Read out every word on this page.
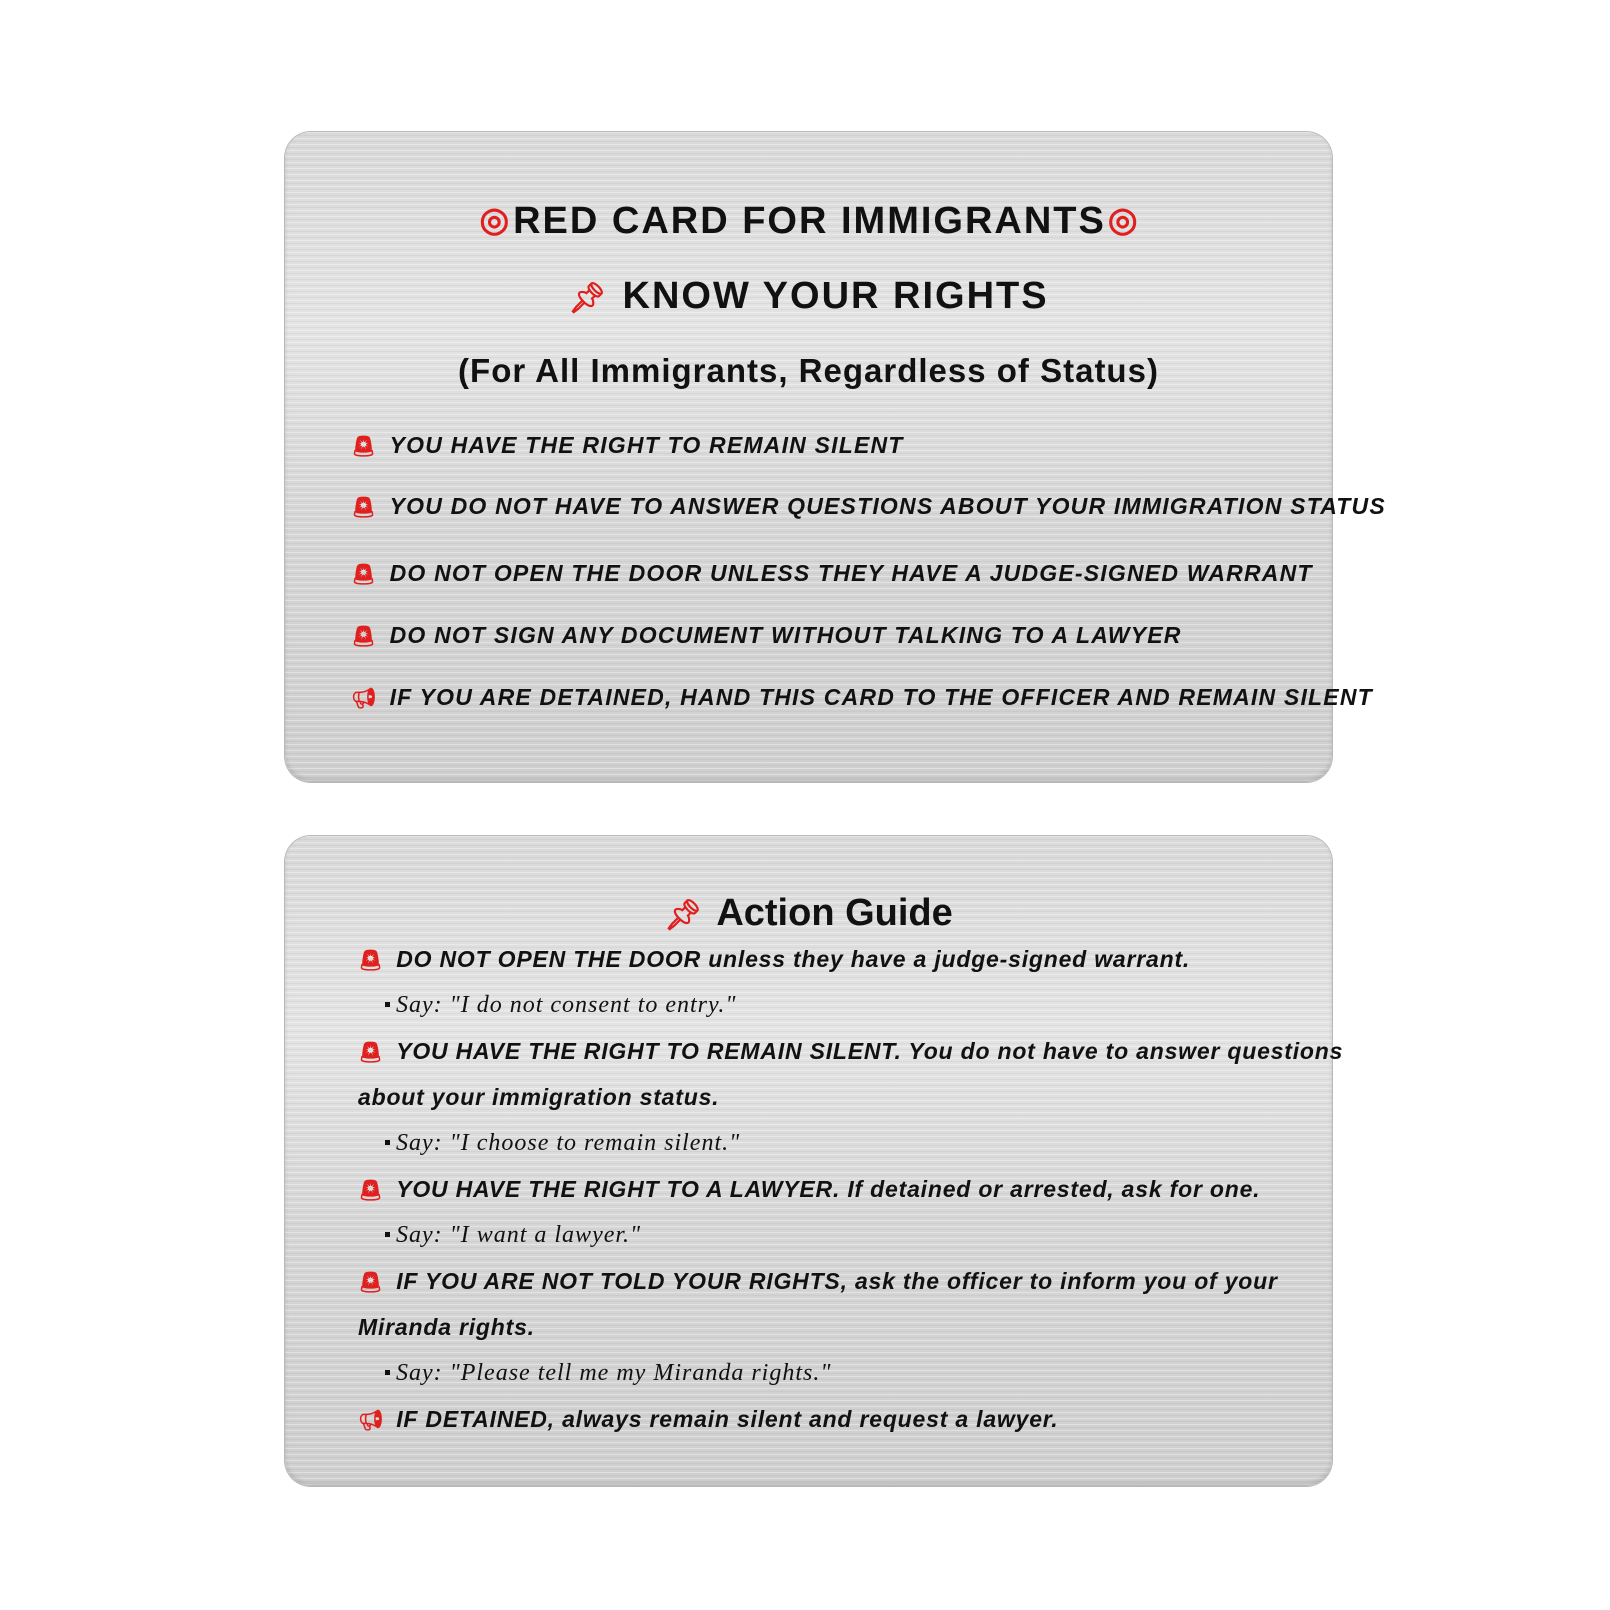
◎RED CARD FOR IMMIGRANTS◎
📌︎ KNOW YOUR RIGHTS
(For All Immigrants, Regardless of Status)
🚨︎ YOU HAVE THE RIGHT TO REMAIN SILENT
🚨︎ YOU DO NOT HAVE TO ANSWER QUESTIONS ABOUT YOUR IMMIGRATION STATUS
🚨︎ DO NOT OPEN THE DOOR UNLESS THEY HAVE A JUDGE-SIGNED WARRANT
🚨︎ DO NOT SIGN ANY DOCUMENT WITHOUT TALKING TO A LAWYER
📢︎ IF YOU ARE DETAINED, HAND THIS CARD TO THE OFFICER AND REMAIN SILENT
📌︎ Action Guide
🚨︎ DO NOT OPEN THE DOOR unless they have a judge-signed warrant.
Say: "I do not consent to entry."
🚨︎ YOU HAVE THE RIGHT TO REMAIN SILENT. You do not have to answer questions
about your immigration status.
Say: "I choose to remain silent."
🚨︎ YOU HAVE THE RIGHT TO A LAWYER. If detained or arrested, ask for one.
Say: "I want a lawyer."
🚨︎ IF YOU ARE NOT TOLD YOUR RIGHTS, ask the officer to inform you of your
Miranda rights.
Say: "Please tell me my Miranda rights."
📢︎ IF DETAINED, always remain silent and request a lawyer.
